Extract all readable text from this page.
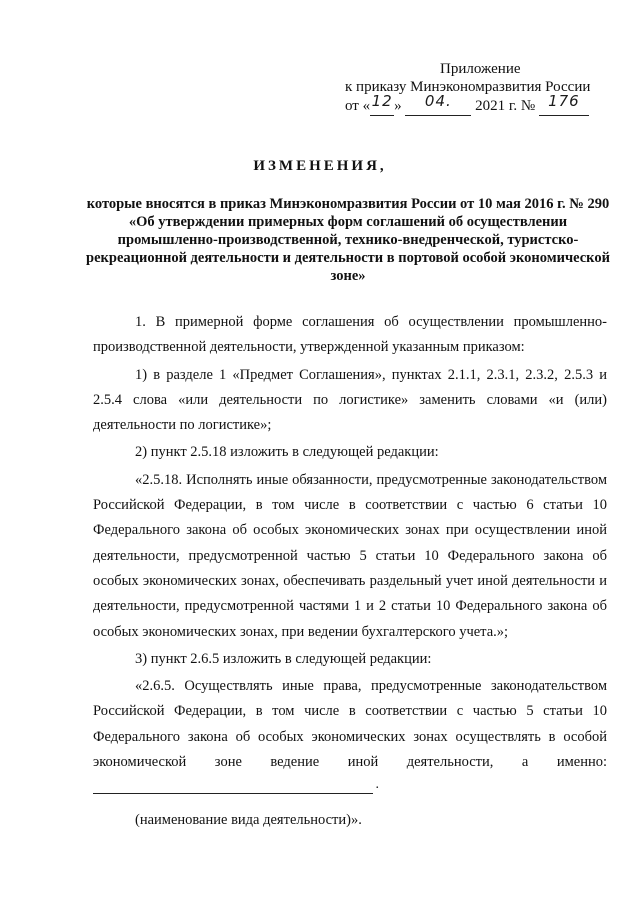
Приложение
к приказу Минэкономразвития России
от «12» 04. 2021 г. № 176
ИЗМЕНЕНИЯ,
которые вносятся в приказ Минэкономразвития России от 10 мая 2016 г. № 290 «Об утверждении примерных форм соглашений об осуществлении промышленно-производственной, технико-внедренческой, туристско-рекреационной деятельности и деятельности в портовой особой экономической зоне»

1. В примерной форме соглашения об осуществлении промышленно-производственной деятельности, утвержденной указанным приказом:

1) в разделе 1 «Предмет Соглашения», пунктах 2.1.1, 2.3.1, 2.3.2, 2.5.3 и 2.5.4 слова «или деятельности по логистике» заменить словами «и (или) деятельности по логистике»;

2) пункт 2.5.18 изложить в следующей редакции:

«2.5.18. Исполнять иные обязанности, предусмотренные законодательством Российской Федерации, в том числе в соответствии с частью 6 статьи 10 Федерального закона об особых экономических зонах при осуществлении иной деятельности, предусмотренной частью 5 статьи 10 Федерального закона об особых экономических зонах, обеспечивать раздельный учет иной деятельности и деятельности, предусмотренной частями 1 и 2 статьи 10 Федерального закона об особых экономических зонах, при ведении бухгалтерского учета.»;

3) пункт 2.6.5 изложить в следующей редакции:

«2.6.5. Осуществлять иные права, предусмотренные законодательством Российской Федерации, в том числе в соответствии с частью 5 статьи 10 Федерального закона об особых экономических зонах осуществлять в особой экономической зоне ведение иной деятельности, а именно:

.
(наименование вида деятельности)».
